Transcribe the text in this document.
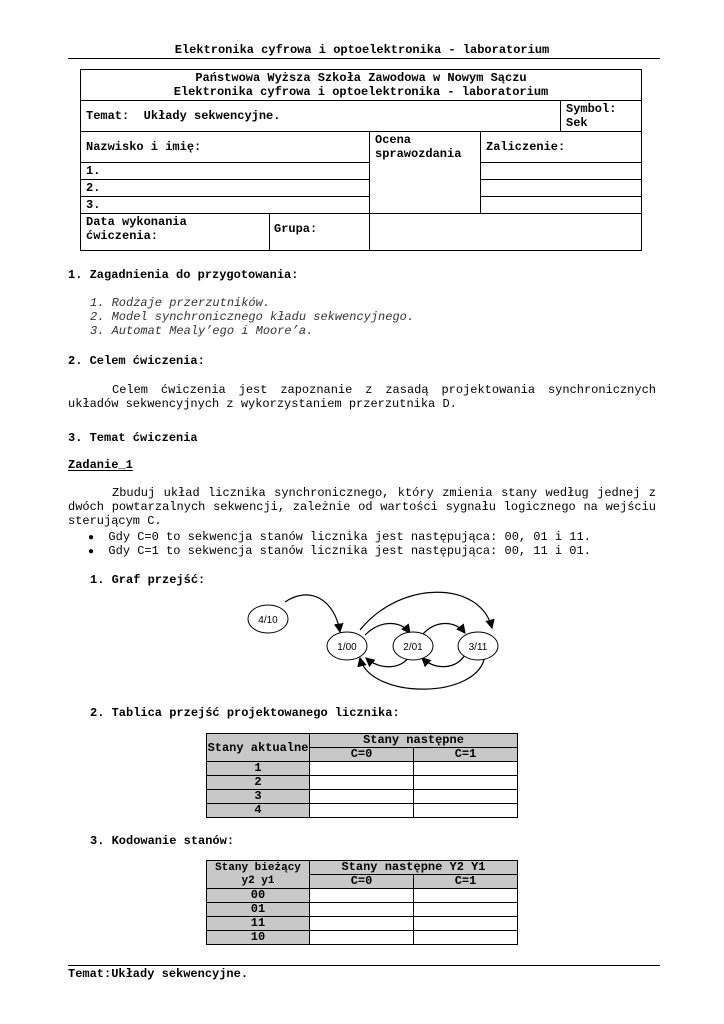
Elektronika cyfrowa i optoelektronika - laboratorium
Państwowa Wyższa Szkoła Zawodowa w Nowym Sączu
Elektronika cyfrowa i optoelektronika - laboratorium			

Temat: Układy sekwencyjne.			Symbol:
Sek

Nazwisko i imię:	Ocena sprawozdania	Zaliczenie:	
1.			
2.			
3.			

Data wykonania ćwiczenia: Grupa:			

1. Zagadnienia do przygotowania:
1. Rodzaje przerzutników.
2. Model synchronicznego kładu sekwencyjnego.
3. Automat Mealy’ego i Moore’a.
2. Celem ćwiczenia:
Celem ćwiczenia jest zapoznanie z zasadą projektowania synchronicznych układów sekwencyjnych z wykorzystaniem przerzutnika D.
3. Temat ćwiczenia
Zadanie_1
Zbuduj układ licznika synchronicznego, który zmienia stany według jednej z dwóch powtarzalnych sekwencji, zależnie od wartości sygnału logicznego na wejściu sterującym C.
● Gdy C=0 to sekwencja stanów licznika jest następująca: 00, 01 i 11.
● Gdy C=1 to sekwencja stanów licznika jest następująca: 00, 11 i 01.
1. Graf przejść:
4/10
1/00	2/01	3/11
2. Tablica przejść projektowanego licznika:
Stany aktualne	Stany następne	
	C=0	C=1
1		
2		
3		
4		
3. Kodowanie stanów:
Stany bieżący y2 y1	Stany następne Y2 Y1	
	C=0	C=1
00		
01		
11		
10		
Temat:Układy sekwencyjne.
